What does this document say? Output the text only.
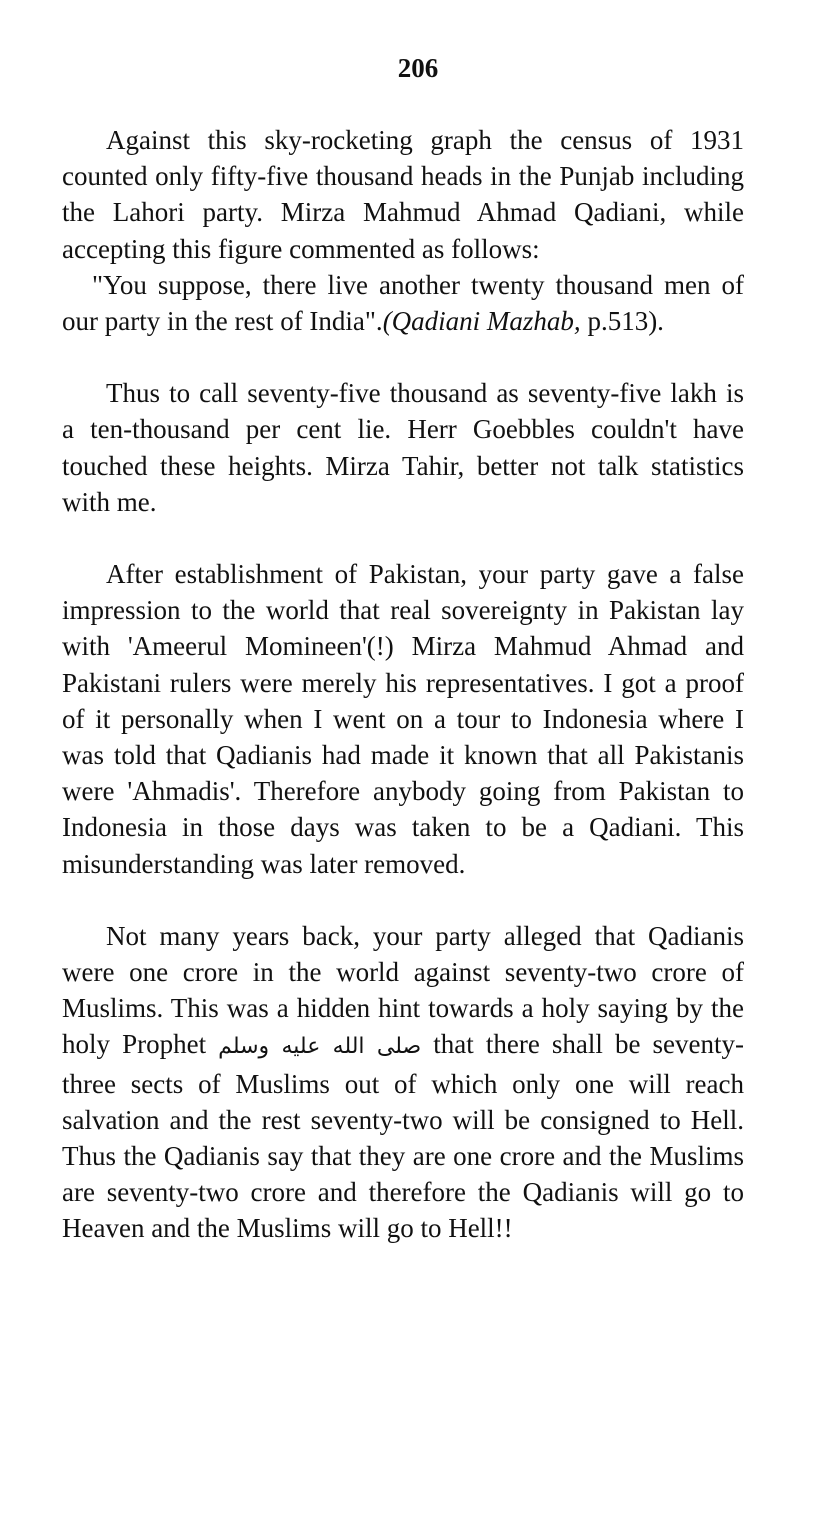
206

Against this sky-rocketing graph the census of 1931 counted only fifty-five thousand heads in the Punjab including the Lahori party. Mirza Mahmud Ahmad Qadiani, while accepting this figure commented as follows:

"You suppose, there live another twenty thousand men of our party in the rest of India".(Qadiani Mazhab, p.513).

Thus to call seventy-five thousand as seventy-five lakh is a ten-thousand per cent lie. Herr Goebbles couldn't have touched these heights. Mirza Tahir, better not talk statistics with me.

After establishment of Pakistan, your party gave a false impression to the world that real sovereignty in Pakistan lay with 'Ameerul Momineen'(!) Mirza Mahmud Ahmad and Pakistani rulers were merely his representatives. I got a proof of it personally when I went on a tour to Indonesia where I was told that Qadianis had made it known that all Pakistanis were 'Ahmadis'. Therefore anybody going from Pakistan to Indonesia in those days was taken to be a Qadiani. This misunderstanding was later removed.

Not many years back, your party alleged that Qadianis were one crore in the world against seventy-two crore of Muslims. This was a hidden hint towards a holy saying by the holy Prophet صلى الله عليه وسلم that there shall be seventy-three sects of Muslims out of which only one will reach salvation and the rest seventy-two will be consigned to Hell. Thus the Qadianis say that they are one crore and the Muslims are seventy-two crore and therefore the Qadianis will go to Heaven and the Muslims will go to Hell!!
